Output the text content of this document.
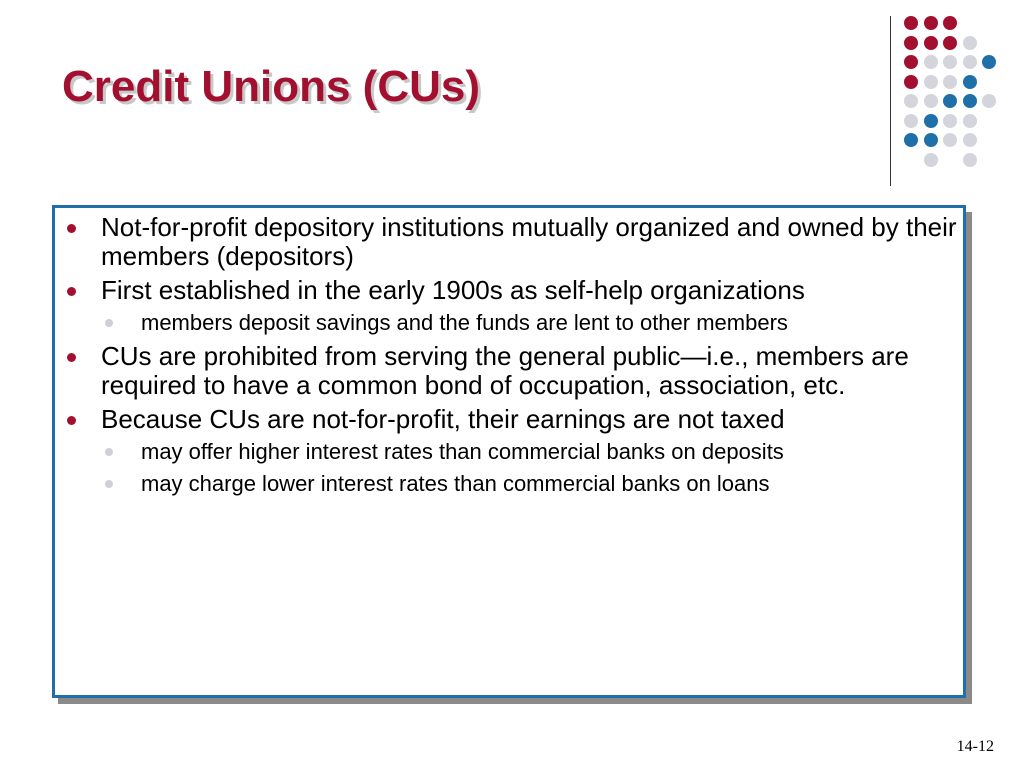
Credit Unions (CUs)
Not-for-profit depository institutions mutually organized and owned by their members (depositors)
First established in the early 1900s as self-help organizations
members deposit savings and the funds are lent to other members
CUs are prohibited from serving the general public—i.e., members are required to have a common bond of occupation, association, etc.
Because CUs are not-for-profit, their earnings are not taxed
may offer higher interest rates than commercial banks on deposits
may charge lower interest rates than commercial banks on loans
14-12
